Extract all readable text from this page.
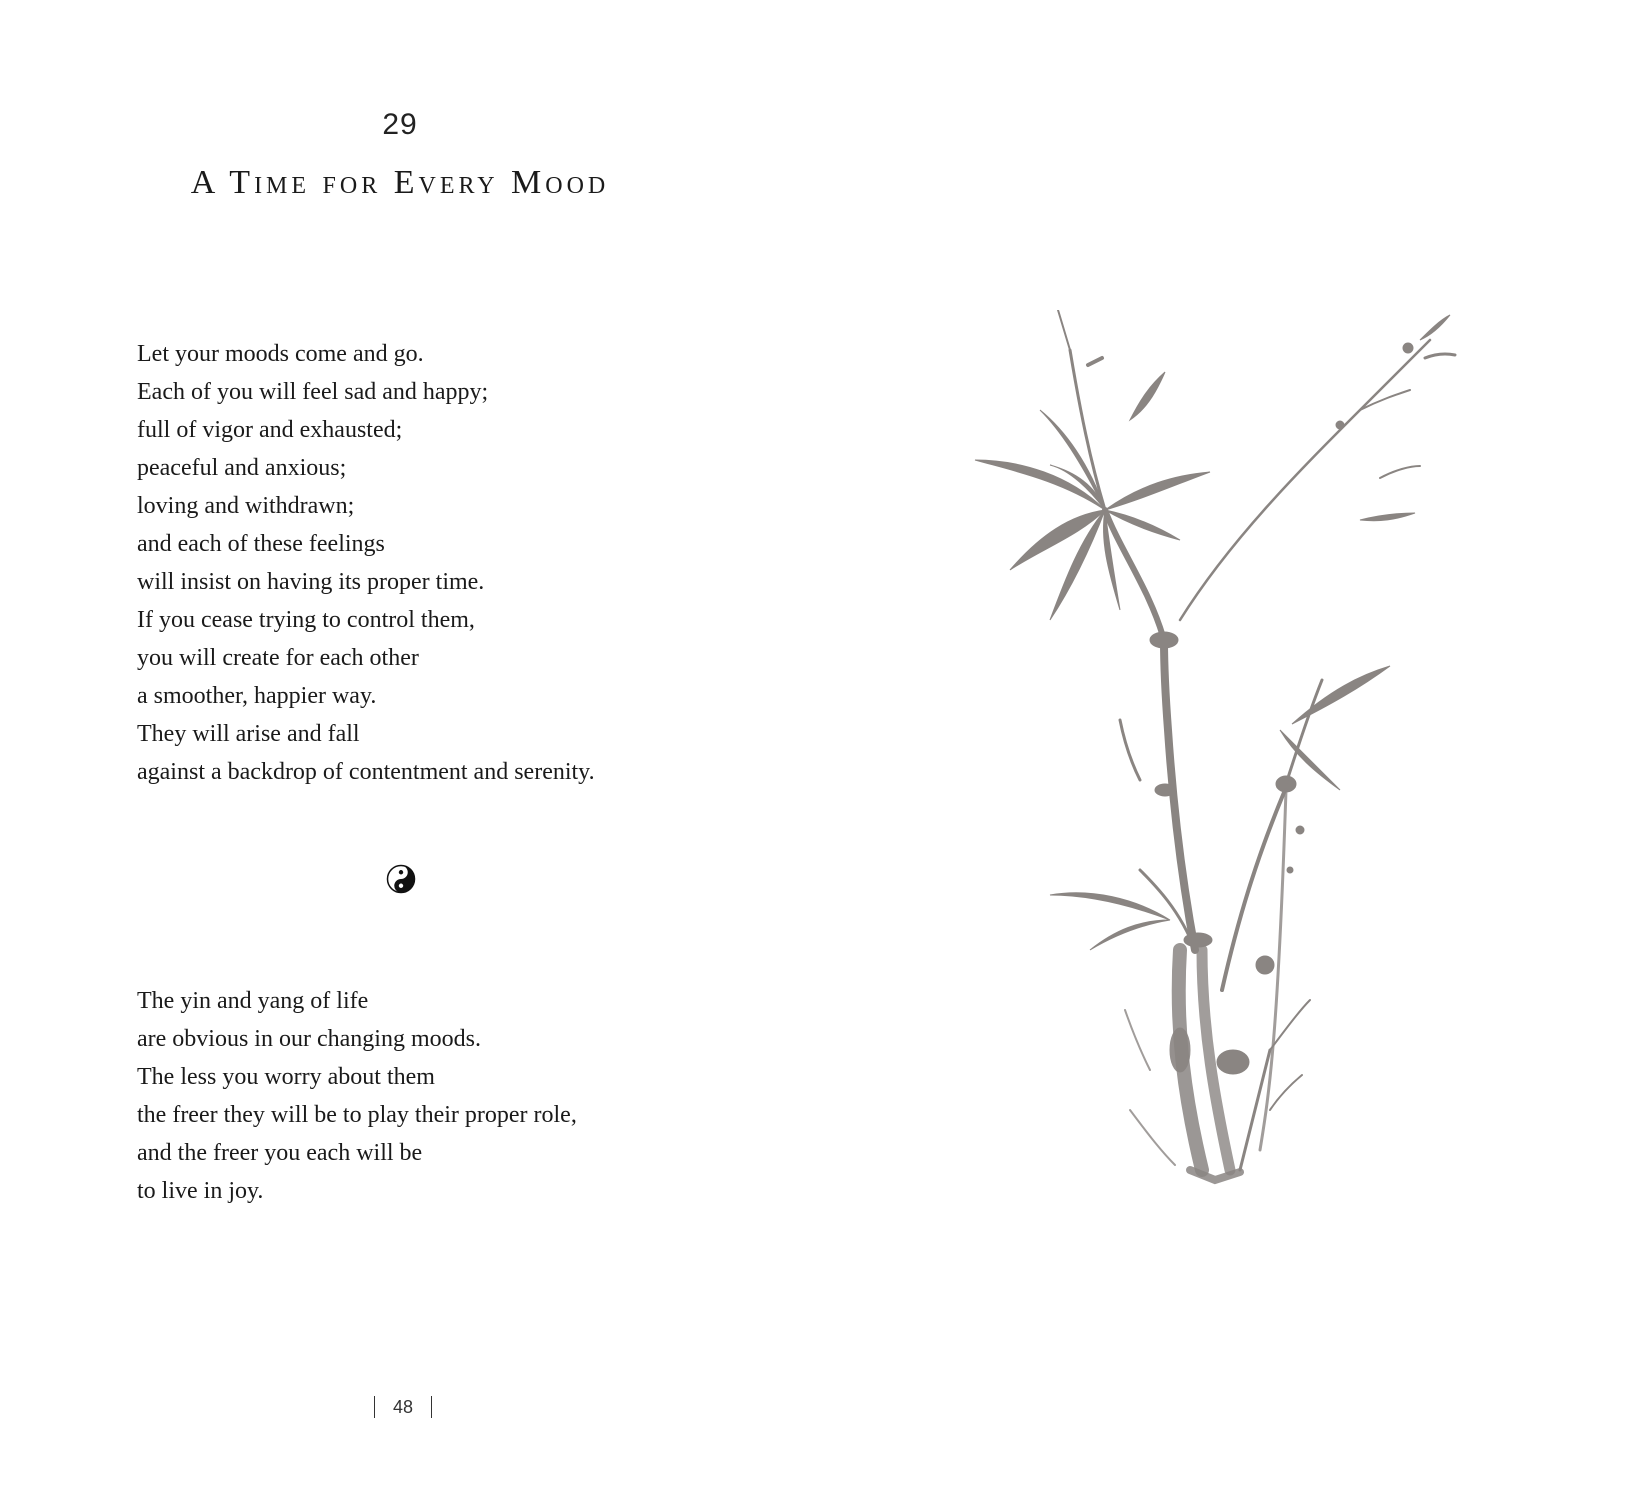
29
A Time for Every Mood
Let your moods come and go.
Each of you will feel sad and happy;
full of vigor and exhausted;
peaceful and anxious;
loving and withdrawn;
and each of these feelings
will insist on having its proper time.
If you cease trying to control them,
you will create for each other
a smoother, happier way.
They will arise and fall
against a backdrop of contentment and serenity.
The yin and yang of life
are obvious in our changing moods.
The less you worry about them
the freer they will be to play their proper role,
and the freer you each will be
to live in joy.
48
